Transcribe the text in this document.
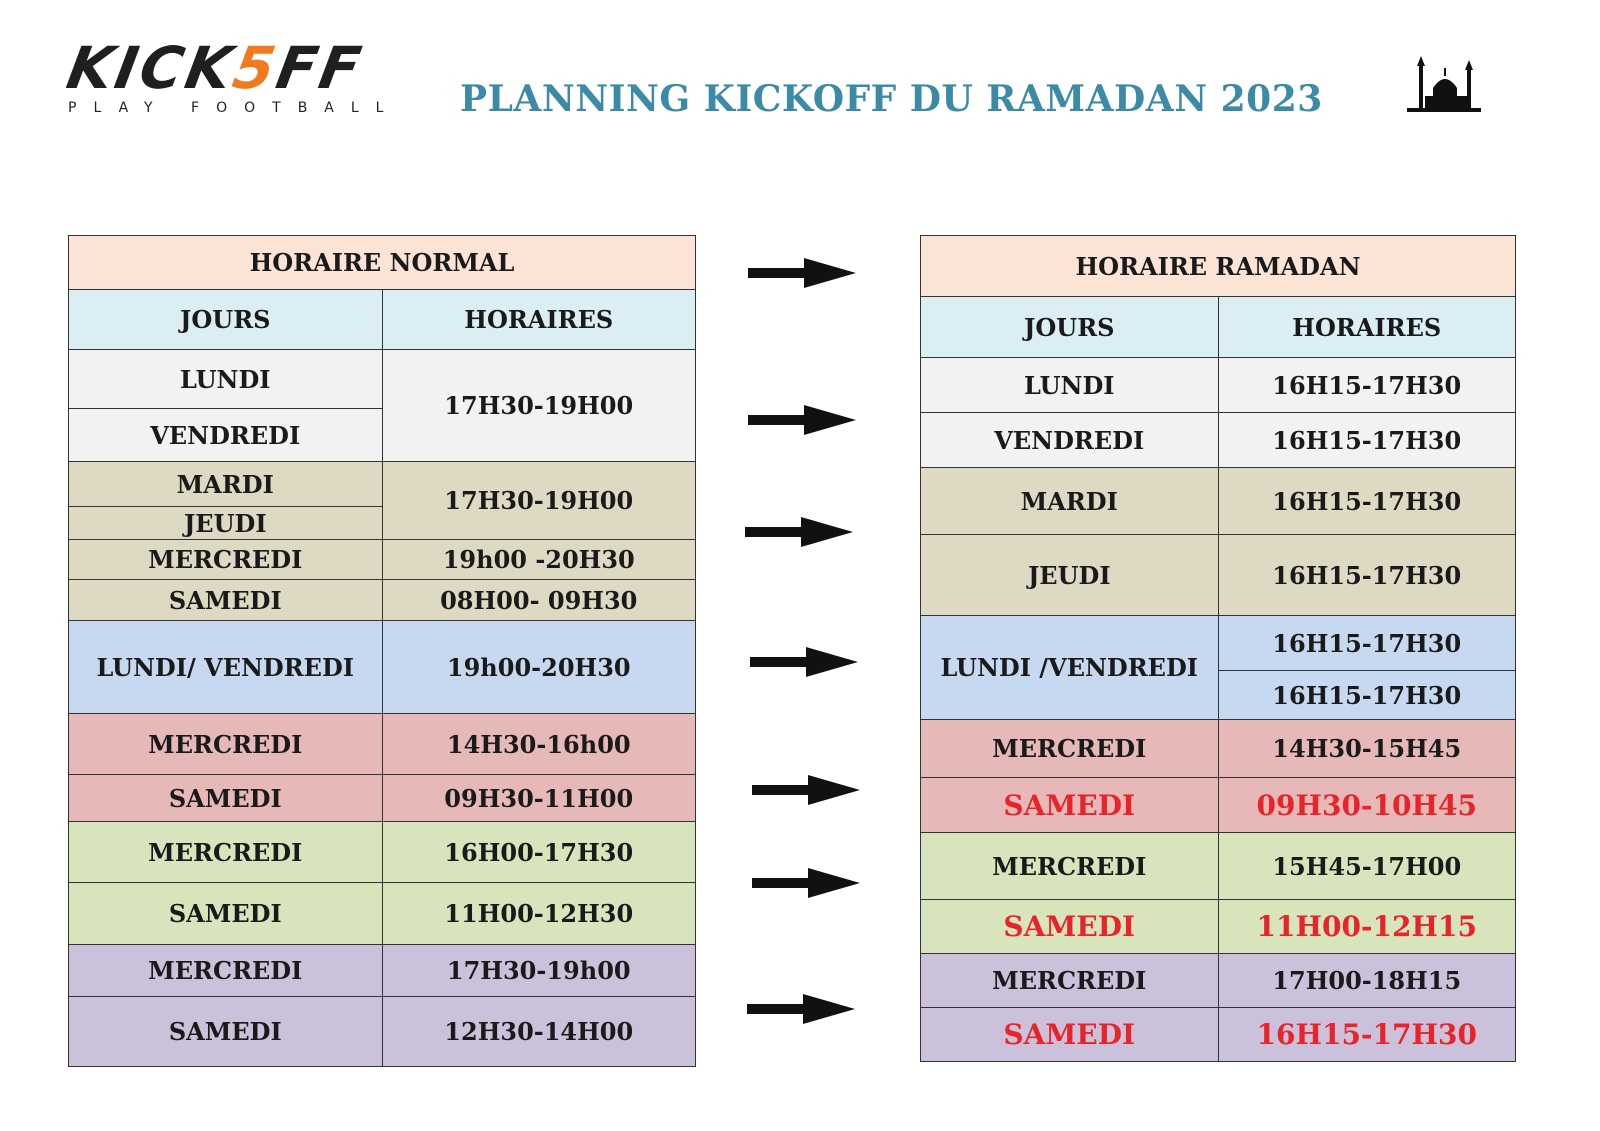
KICK5FF
PLAY FOOTBALL PLANNING KICKOFF DU RAMADAN 2023
HORAIRE NORMAL	
JOURS	HORAIRES
LUNDI	17H30-19H00
VENDREDI	
MARDI	17H30-19H00
JEUDI	
MERCREDI	19h00 -20H30
SAMEDI	08H00- 09H30
LUNDI/ VENDREDI	19h00-20H30
MERCREDI	14H30-16h00
SAMEDI	09H30-11H00
MERCREDI	16H00-17H30
SAMEDI	11H00-12H30
MERCREDI	17H30-19h00
SAMEDI	12H30-14H00
HORAIRE RAMADAN	
JOURS	HORAIRES
LUNDI	16H15-17H30
VENDREDI	16H15-17H30
MARDI	16H15-17H30
JEUDI	16H15-17H30
LUNDI /VENDREDI	16H15-17H30
	16H15-17H30
MERCREDI	14H30-15H45
SAMEDI	09H30-10H45
MERCREDI	15H45-17H00
SAMEDI	11H00-12H15
MERCREDI	17H00-18H15
SAMEDI	16H15-17H30
